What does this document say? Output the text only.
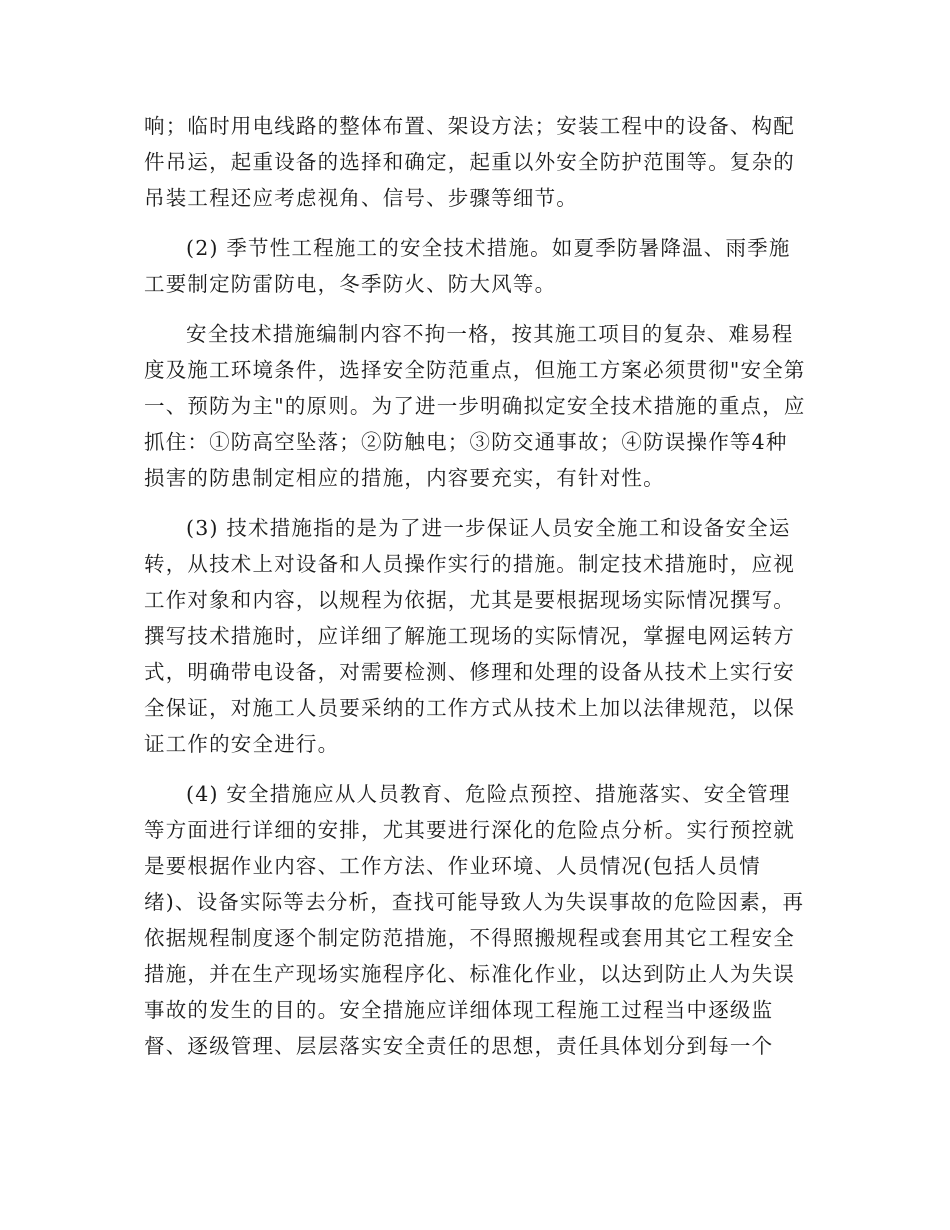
响；临时用电线路的整体布置、架设方法；安装工程中的设备、构配
件吊运，起重设备的选择和确定，起重以外安全防护范围等。复杂的
吊装工程还应考虑视角、信号、步骤等细节。
(2) 季节性工程施工的安全技术措施。如夏季防暑降温、雨季施
工要制定防雷防电，冬季防火、防大风等。
安全技术措施编制内容不拘一格，按其施工项目的复杂、难易程
度及施工环境条件，选择安全防范重点，但施工方案必须贯彻"安全第
一、预防为主"的原则。为了进一步明确拟定安全技术措施的重点，应
抓住：①防高空坠落；②防触电；③防交通事故；④防误操作等4种
损害的防患制定相应的措施，内容要充实，有针对性。
(3) 技术措施指的是为了进一步保证人员安全施工和设备安全运
转，从技术上对设备和人员操作实行的措施。制定技术措施时，应视
工作对象和内容，以规程为依据，尤其是要根据现场实际情况撰写。
撰写技术措施时，应详细了解施工现场的实际情况，掌握电网运转方
式，明确带电设备，对需要检测、修理和处理的设备从技术上实行安
全保证，对施工人员要采纳的工作方式从技术上加以法律规范，以保
证工作的安全进行。
(4) 安全措施应从人员教育、危险点预控、措施落实、安全管理
等方面进行详细的安排，尤其要进行深化的危险点分析。实行预控就
是要根据作业内容、工作方法、作业环境、人员情况(包括人员情
绪)、设备实际等去分析，查找可能导致人为失误事故的危险因素，再
依据规程制度逐个制定防范措施，不得照搬规程或套用其它工程安全
措施，并在生产现场实施程序化、标准化作业，以达到防止人为失误
事故的发生的目的。安全措施应详细体现工程施工过程当中逐级监
督、逐级管理、层层落实安全责任的思想，责任具体划分到每一个
